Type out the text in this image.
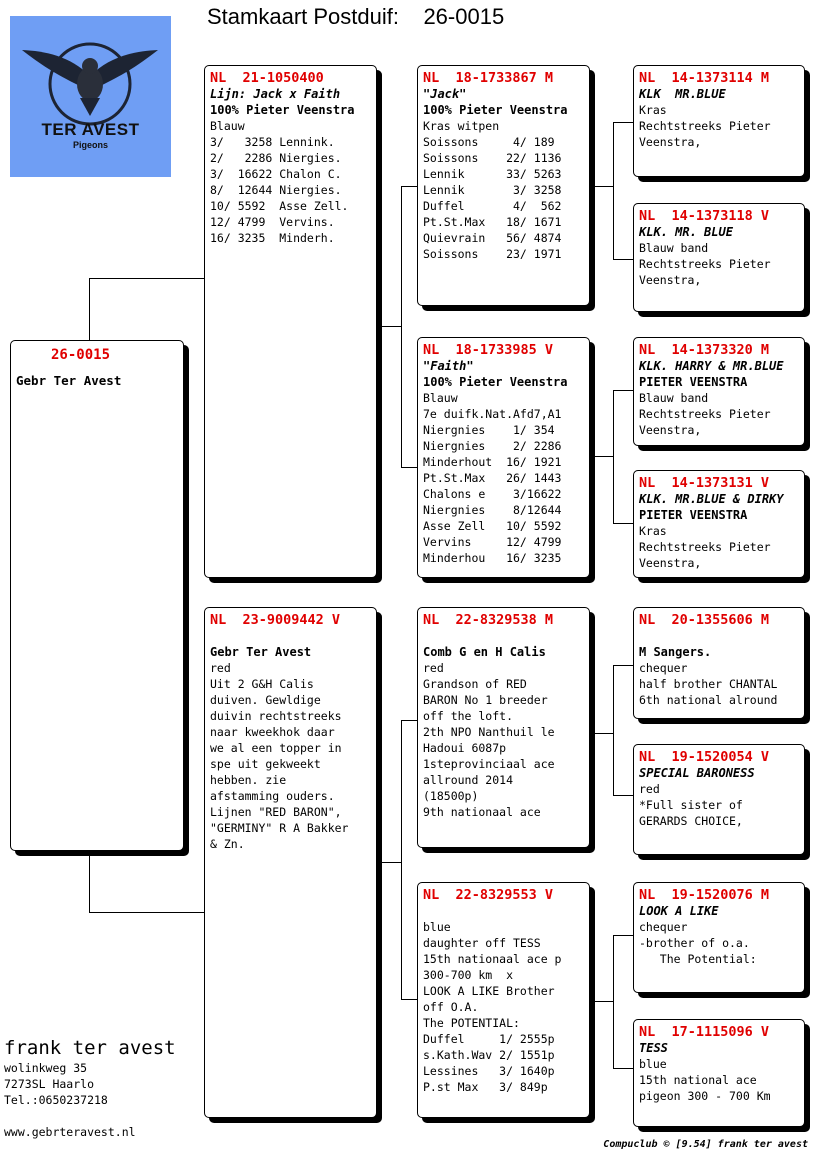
Stamkaart Postduif: 26-0015
TER AVEST
Pigeons
26-0015
Gebr Ter Avest
NL  21-1050400
Lijn: Jack x Faith
100% Pieter Veenstra
Blauw
3/   3258 Lennink.
2/   2286 Niergies.
3/  16622 Chalon C.
8/  12644 Niergies.
10/ 5592  Asse Zell.
12/ 4799  Vervins.
16/ 3235  Minderh.
NL  23-9009442 V

Gebr Ter Avest
red
Uit 2 G&H Calis
duiven. Gewldige
duivin rechtstreeks
naar kweekhok daar
we al een topper in
spe uit gekweekt
hebben. zie
afstamming ouders.
Lijnen "RED BARON",
"GERMINY" R A Bakker
& Zn.
NL  18-1733867 M
"Jack"
100% Pieter Veenstra
Kras witpen
Soissons     4/ 189
Soissons    22/ 1136
Lennik      33/ 5263
Lennik       3/ 3258
Duffel       4/  562
Pt.St.Max   18/ 1671
Quievrain   56/ 4874
Soissons    23/ 1971
NL  18-1733985 V
"Faith"
100% Pieter Veenstra
Blauw
7e duifk.Nat.Afd7,A1
Niergnies    1/ 354
Niergnies    2/ 2286
Minderhout  16/ 1921
Pt.St.Max   26/ 1443
Chalons e    3/16622
Niergnies    8/12644
Asse Zell   10/ 5592
Vervins     12/ 4799
Minderhou   16/ 3235
NL  22-8329538 M

Comb G en H Calis
red
Grandson of RED
BARON No 1 breeder
off the loft.
2th NPO Nanthuil le
Hadoui 6087p
1steprovinciaal ace
allround 2014
(18500p)
9th nationaal ace
NL  22-8329553 V

blue
daughter off TESS
15th nationaal ace p
300-700 km  x
LOOK A LIKE Brother
off O.A.
The POTENTIAL:
Duffel     1/ 2555p
s.Kath.Wav 2/ 1551p
Lessines   3/ 1640p
P.st Max   3/ 849p
NL  14-1373114 M
KLK  MR.BLUE
Kras
Rechtstreeks Pieter
Veenstra,
NL  14-1373118 V
KLK. MR. BLUE
Blauw band
Rechtstreeks Pieter
Veenstra,
NL  14-1373320 M
KLK. HARRY & MR.BLUE
PIETER VEENSTRA
Blauw band
Rechtstreeks Pieter
Veenstra,
NL  14-1373131 V
KLK. MR.BLUE & DIRKY
PIETER VEENSTRA
Kras
Rechtstreeks Pieter
Veenstra,
NL  20-1355606 M

M Sangers.
chequer
half brother CHANTAL
6th national alround
NL  19-1520054 V
SPECIAL BARONESS
red
*Full sister of
GERARDS CHOICE,
NL  19-1520076 M
LOOK A LIKE
chequer
-brother of o.a.
The Potential:
NL  17-1115096 V
TESS
blue
15th national ace
pigeon 300 - 700 Km
frank ter avest
wolinkweg 35
7273SL Haarlo
Tel.:0650237218
www.gebrteravest.nl
Compuclub © [9.54] frank ter avest
